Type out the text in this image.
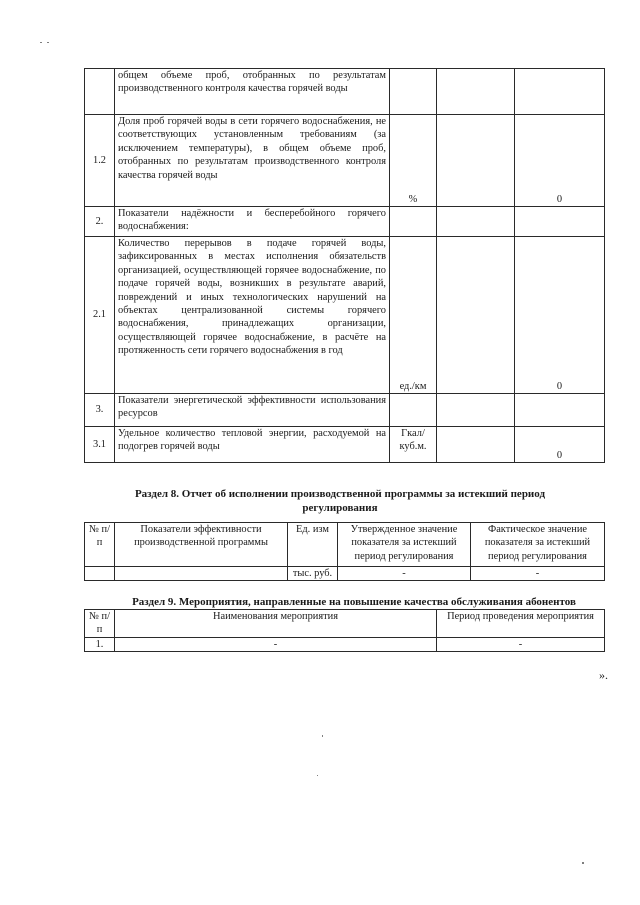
	общем объеме проб, отобранных по результатам производственного контроля качества горячей воды			
1.2	Доля проб горячей воды в сети горячего водоснабжения, не соответствующих установленным требованиям (за исключением температуры), в общем объеме проб, отобранных по результатам производственного контроля качества горячей воды	%		0
2.	Показатели надёжности и бесперебойного горячего водоснабжения:			
2.1	Количество перерывов в подаче горячей воды, зафиксированных в местах исполнения обязательств организацией, осуществляющей горячее водоснабжение, по подаче горячей воды, возникших в результате аварий, повреждений и иных технологических нарушений на объектах централизованной системы горячего водоснабжения, принадлежащих организации, осуществляющей горячее водоснабжение, в расчёте на протяженность сети горячего водоснабжения в год	ед./км		0
3.	Показатели энергетической эффективности использования ресурсов			
3.1	Удельное количество тепловой энергии, расходуемой на подогрев горячей воды	Гкал/ куб.м.		0
Раздел 8. Отчет об исполнении производственной программы за истекший период регулирования
№ п/п	Показатели эффективности производственной программы	Ед. изм	Утвержденное значение показателя за истекший период регулирования	Фактическое значение показателя за истекший период регулирования
		тыс. руб.	-	-
Раздел 9. Мероприятия, направленные на повышение качества обслуживания абонентов
№ п/п	Наименования мероприятия	Период проведения мероприятия
1.	-	-
».
